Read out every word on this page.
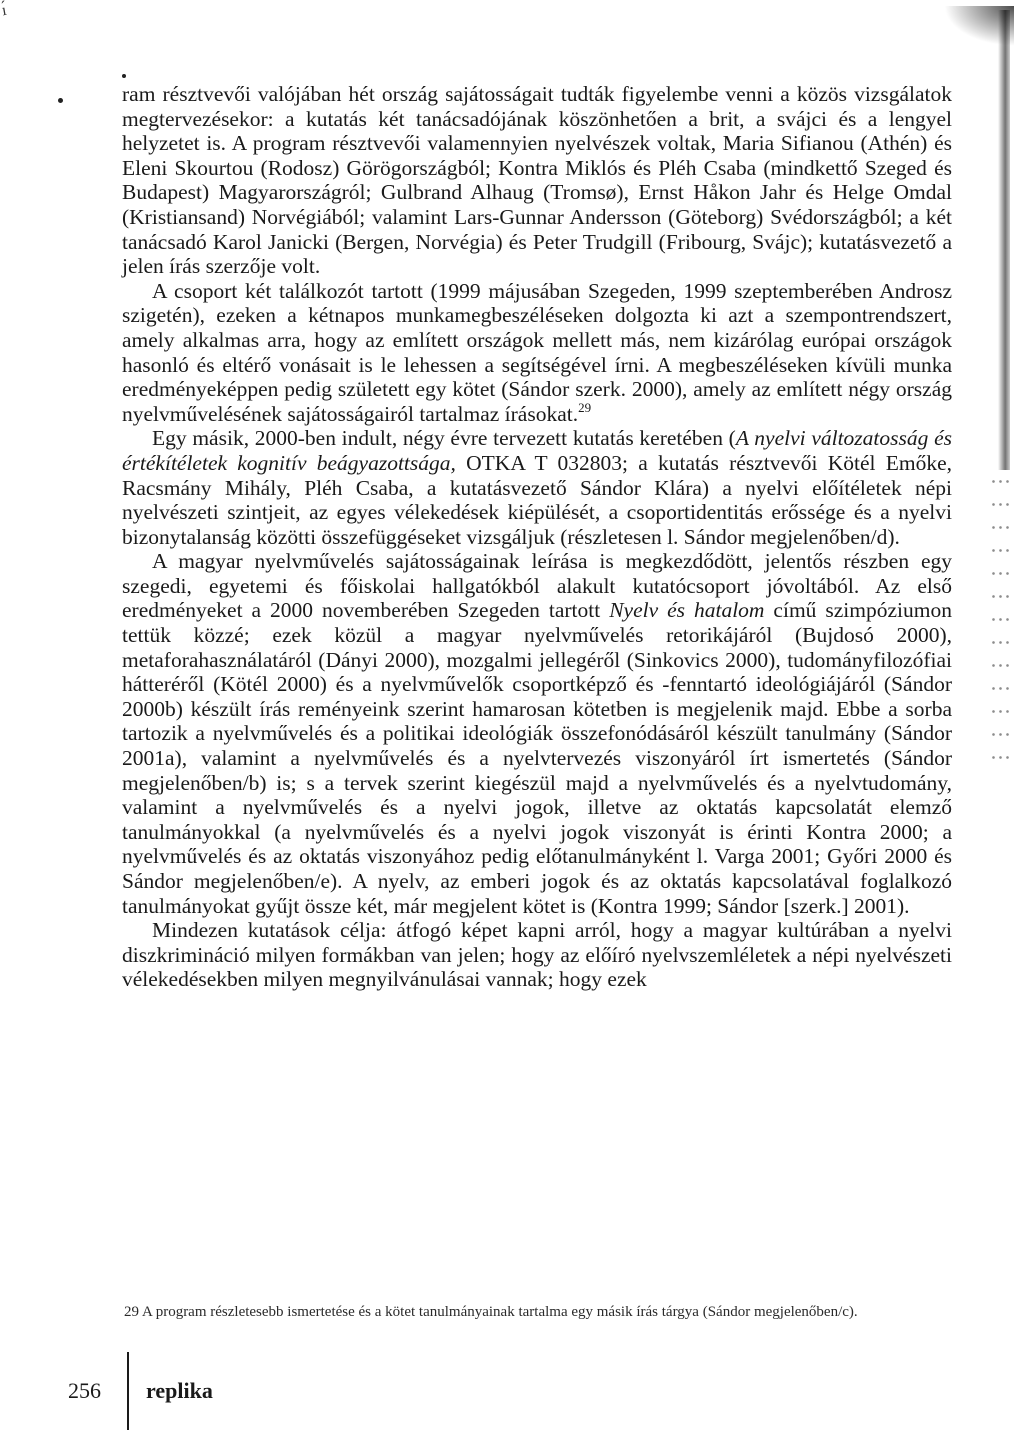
ı́

ram résztvevői valójában hét ország sajátosságait tudták figyelembe venni a közös vizsgálatok megtervezésekor: a kutatás két tanácsadójának köszönhetően a brit, a svájci és a lengyel helyzetet is. A program résztvevői valamennyien nyelvészek voltak, Maria Sifianou (Athén) és Eleni Skourtou (Rodosz) Görögországból; Kontra Miklós és Pléh Csaba (mindkettő Szeged és Budapest) Magyarországról; Gulbrand Alhaug (Tromsø), Ernst Håkon Jahr és Helge Omdal (Kristiansand) Norvégiából; valamint Lars-Gunnar Andersson (Göteborg) Svédországból; a két tanácsadó Karol Janicki (Bergen, Norvégia) és Peter Trudgill (Fribourg, Svájc); kutatásvezető a jelen írás szerzője volt.

A csoport két találkozót tartott (1999 májusában Szegeden, 1999 szeptemberében Androsz szigetén), ezeken a kétnapos munkamegbeszéléseken dolgozta ki azt a szempontrendszert, amely alkalmas arra, hogy az említett országok mellett más, nem kizárólag európai országok hasonló és eltérő vonásait is le lehessen a segítségével írni. A megbeszéléseken kívüli munka eredményeképpen pedig született egy kötet (Sándor szerk. 2000), amely az említett négy ország nyelvművelésének sajátosságairól tartalmaz írásokat.$^{29}$

Egy másik, 2000-ben indult, négy évre tervezett kutatás keretében (A nyelvi változatosság és értékítéletek kognitív beágyazottsága, OTKA T 032803; a kutatás résztvevői Kötél Emőke, Racsmány Mihály, Pléh Csaba, a kutatásvezető Sándor Klára) a nyelvi előítéletek népi nyelvészeti szintjeit, az egyes vélekedések kiépülését, a csoportidentitás erőssége és a nyelvi bizonytalanság közötti összefüggéseket vizsgáljuk (részletesen l. Sándor megjelenőben/d).

A magyar nyelvművelés sajátosságainak leírása is megkezdődött, jelentős részben egy szegedi, egyetemi és főiskolai hallgatókból alakult kutatócsoport jóvoltából. Az első eredményeket a 2000 novemberében Szegeden tartott Nyelv és hatalom című szimpóziumon tettük közzé; ezek közül a magyar nyelvművelés retorikájáról (Bujdosó 2000), metaforahasználatáról (Dányi 2000), mozgalmi jellegéről (Sinkovics 2000), tudományfilozófiai hátteréről (Kötél 2000) és a nyelvművelők csoportképző és -fenntartó ideológiájáról (Sándor 2000b) készült írás reményeink szerint hamarosan kötetben is megjelenik majd. Ebbe a sorba tartozik a nyelvművelés és a politikai ideológiák összefonódásáról készült tanulmány (Sándor 2001a), valamint a nyelvművelés és a nyelvtervezés viszonyáról írt ismertetés (Sándor megjelenőben/b) is; s a tervek szerint kiegészül majd a nyelvművelés és a nyelvtudomány, valamint a nyelvművelés és a nyelvi jogok, illetve az oktatás kapcsolatát elemző tanulmányokkal (a nyelvművelés és a nyelvi jogok viszonyát is érinti Kontra 2000; a nyelvművelés és az oktatás viszonyához pedig előtanulmányként l. Varga 2001; Győri 2000 és Sándor megjelenőben/e). A nyelv, az emberi jogok és az oktatás kapcsolatával foglalkozó tanulmányokat gyűjt össze két, már megjelent kötet is (Kontra 1999; Sándor [szerk.] 2001).

Mindezen kutatások célja: átfogó képet kapni arról, hogy a magyar kultúrában a nyelvi diszkrimináció milyen formákban van jelen; hogy az előíró nyelvszemléletek a népi nyelvészeti vélekedésekben milyen megnyilvánulásai vannak; hogy ezek

29 A program részletesebb ismertetése és a kötet tanulmányainak tartalma egy másik írás tárgya (Sándor megjelenőben/c).
256 replika
